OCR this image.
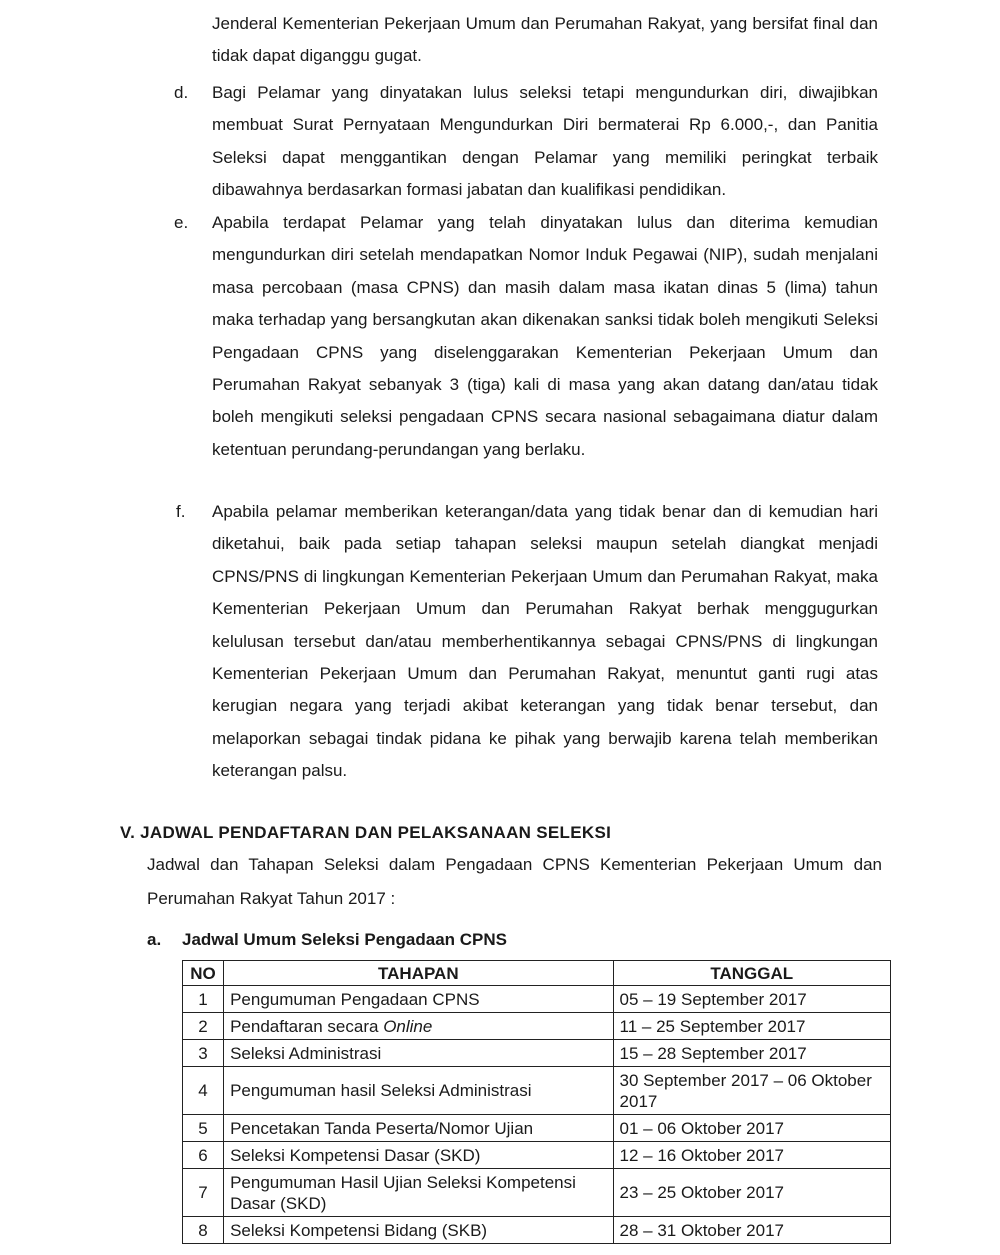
Jenderal Kementerian Pekerjaan Umum dan Perumahan Rakyat, yang bersifat final dan tidak dapat diganggu gugat.
d. Bagi Pelamar yang dinyatakan lulus seleksi tetapi mengundurkan diri, diwajibkan membuat Surat Pernyataan Mengundurkan Diri bermaterai Rp 6.000,-, dan Panitia Seleksi dapat menggantikan dengan Pelamar yang memiliki peringkat terbaik dibawahnya berdasarkan formasi jabatan dan kualifikasi pendidikan.
e. Apabila terdapat Pelamar yang telah dinyatakan lulus dan diterima kemudian mengundurkan diri setelah mendapatkan Nomor Induk Pegawai (NIP), sudah menjalani masa percobaan (masa CPNS) dan masih dalam masa ikatan dinas 5 (lima) tahun maka terhadap yang bersangkutan akan dikenakan sanksi tidak boleh mengikuti Seleksi Pengadaan CPNS yang diselenggarakan Kementerian Pekerjaan Umum dan Perumahan Rakyat sebanyak 3 (tiga) kali di masa yang akan datang dan/atau tidak boleh mengikuti seleksi pengadaan CPNS secara nasional sebagaimana diatur dalam ketentuan perundang-perundangan yang berlaku.
f. Apabila pelamar memberikan keterangan/data yang tidak benar dan di kemudian hari diketahui, baik pada setiap tahapan seleksi maupun setelah diangkat menjadi CPNS/PNS di lingkungan Kementerian Pekerjaan Umum dan Perumahan Rakyat, maka Kementerian Pekerjaan Umum dan Perumahan Rakyat berhak menggugurkan kelulusan tersebut dan/atau memberhentikannya sebagai CPNS/PNS di lingkungan Kementerian Pekerjaan Umum dan Perumahan Rakyat, menuntut ganti rugi atas kerugian negara yang terjadi akibat keterangan yang tidak benar tersebut, dan melaporkan sebagai tindak pidana ke pihak yang berwajib karena telah memberikan keterangan palsu.
V. JADWAL PENDAFTARAN DAN PELAKSANAAN SELEKSI
Jadwal dan Tahapan Seleksi dalam Pengadaan CPNS Kementerian Pekerjaan Umum dan Perumahan Rakyat Tahun 2017 :
a. Jadwal Umum Seleksi Pengadaan CPNS
NO	TAHAPAN	TANGGAL
1	Pengumuman Pengadaan CPNS	05 – 19 September 2017
2	Pendaftaran secara Online	11 – 25 September 2017
3	Seleksi Administrasi	15 – 28 September 2017
4	Pengumuman hasil Seleksi Administrasi	30 September 2017 – 06 Oktober 2017
5	Pencetakan Tanda Peserta/Nomor Ujian	01 – 06 Oktober 2017
6	Seleksi Kompetensi Dasar (SKD)	12 – 16 Oktober 2017
7	Pengumuman Hasil Ujian Seleksi Kompetensi Dasar (SKD)	23 – 25 Oktober 2017
8	Seleksi Kompetensi Bidang (SKB)	28 – 31 Oktober 2017
